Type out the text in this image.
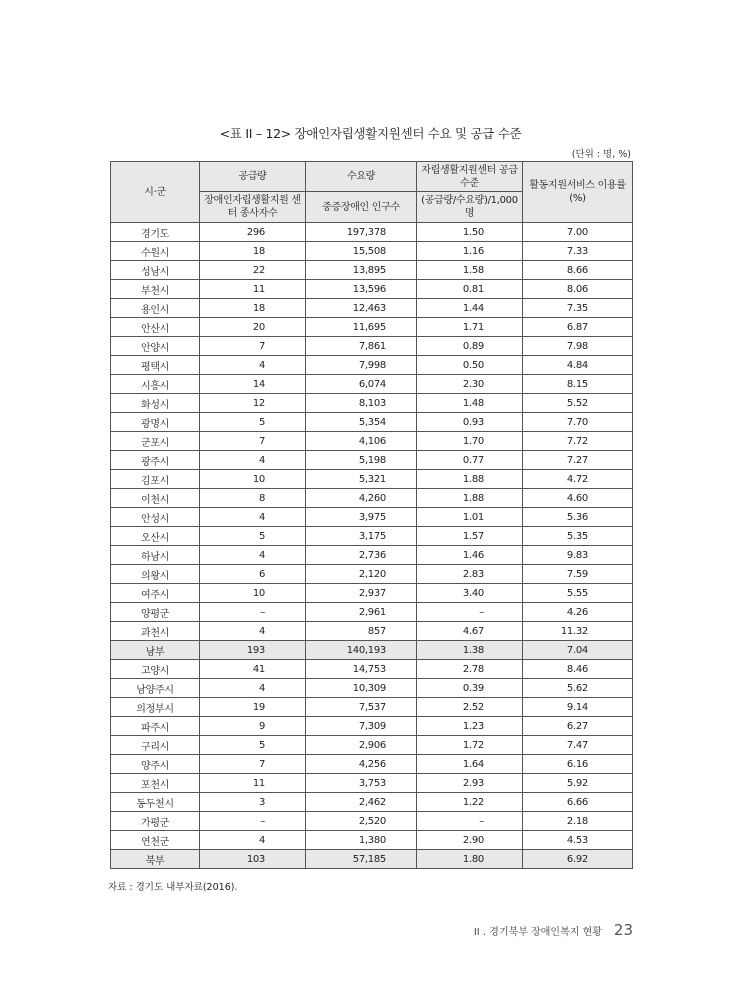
<표 II – 12> 장애인자립생활지원센터 수요 및 공급 수준
(단위 : 명, %)
시·군	공급량	수요량	자립생활지원센터 공급수준	활동지원서비스 이용률 (%)
	장애인자립생활지원 센터 종사자수	중증장애인 인구수	(공급량/수요량)/1,000명	
경기도	296	197,378	1.50	7.00
수원시	18	15,508	1.16	7.33
성남시	22	13,895	1.58	8.66
부천시	11	13,596	0.81	8.06
용인시	18	12,463	1.44	7.35
안산시	20	11,695	1.71	6.87
안양시	7	7,861	0.89	7.98
평택시	4	7,998	0.50	4.84
시흥시	14	6,074	2.30	8.15
화성시	12	8,103	1.48	5.52
광명시	5	5,354	0.93	7.70
군포시	7	4,106	1.70	7.72
광주시	4	5,198	0.77	7.27
김포시	10	5,321	1.88	4.72
이천시	8	4,260	1.88	4.60
안성시	4	3,975	1.01	5.36
오산시	5	3,175	1.57	5.35
하남시	4	2,736	1.46	9.83
의왕시	6	2,120	2.83	7.59
여주시	10	2,937	3.40	5.55
양평군	–	2,961	–	4.26
과천시	4	857	4.67	11.32
남부	193	140,193	1.38	7.04
고양시	41	14,753	2.78	8.46
남양주시	4	10,309	0.39	5.62
의정부시	19	7,537	2.52	9.14
파주시	9	7,309	1.23	6.27
구리시	5	2,906	1.72	7.47
양주시	7	4,256	1.64	6.16
포천시	11	3,753	2.93	5.92
동두천시	3	2,462	1.22	6.66
가평군	–	2,520	–	2.18
연천군	4	1,380	2.90	4.53
북부	103	57,185	1.80	6.92
자료 : 경기도 내부자료(2016).
II . 경기북부 장애인복지 현황 23
